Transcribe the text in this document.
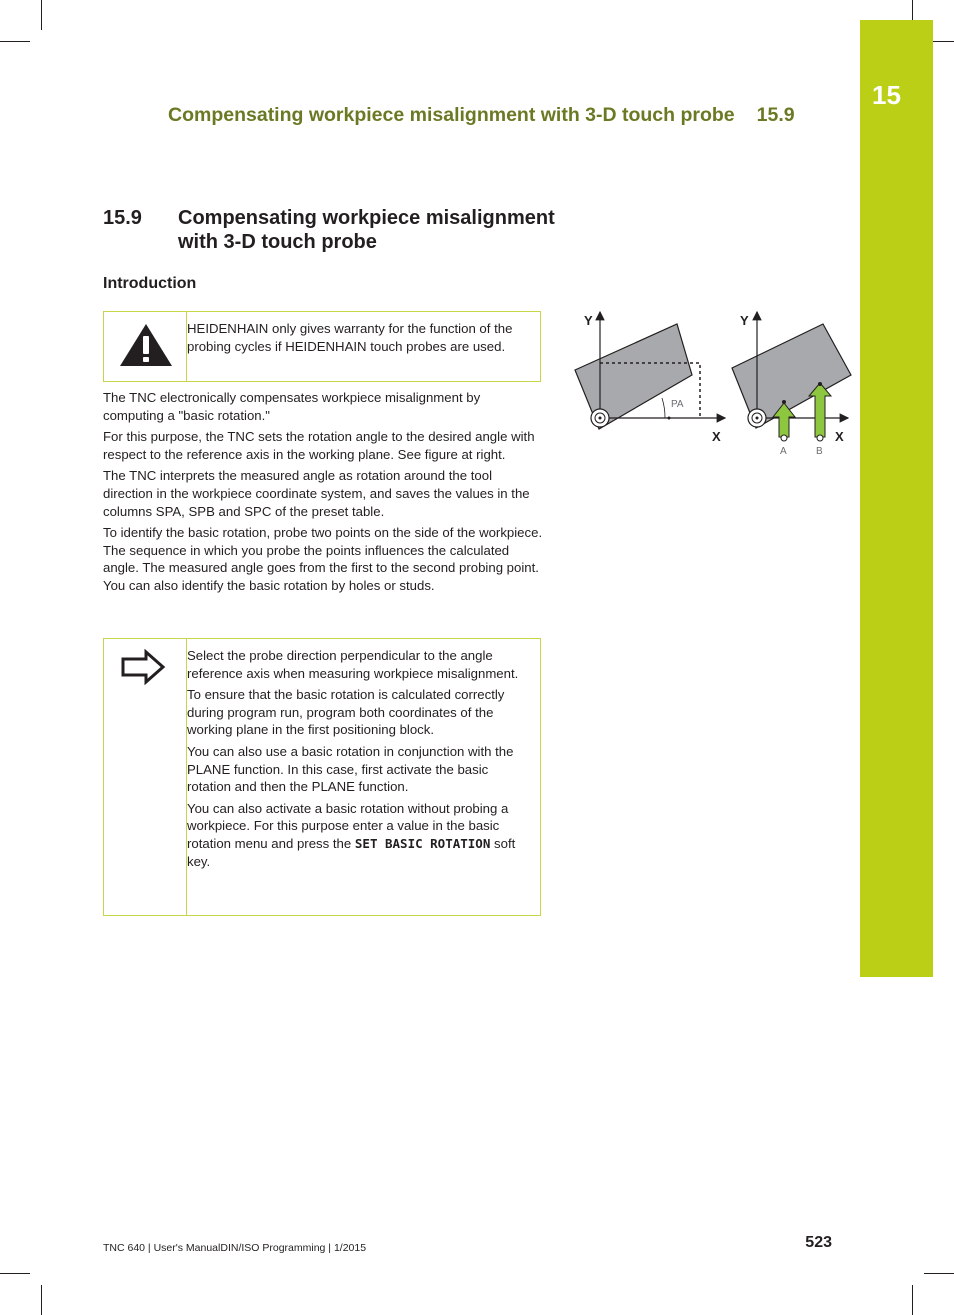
15
Compensating workpiece misalignment with 3-D touch probe 15.9
15.9 Compensating workpiece misalignment with 3-D touch probe
Introduction

HEIDENHAIN only gives warranty for the function of the probing cycles if HEIDENHAIN touch probes are used.

The TNC electronically compensates workpiece misalignment by computing a "basic rotation."

For this purpose, the TNC sets the rotation angle to the desired angle with respect to the reference axis in the working plane. See figure at right.

The TNC interprets the measured angle as rotation around the tool direction in the workpiece coordinate system, and saves the values in the columns SPA, SPB and SPC of the preset table.

To identify the basic rotation, probe two points on the side of the workpiece. The sequence in which you probe the points influences the calculated angle. The measured angle goes from the first to the second probing point. You can also identify the basic rotation by holes or studs.

Select the probe direction perpendicular to the angle reference axis when measuring workpiece misalignment.

To ensure that the basic rotation is calculated correctly during program run, program both coordinates of the working plane in the first positioning block.

You can also use a basic rotation in conjunction with the PLANE function. In this case, first activate the basic rotation and then the PLANE function.

You can also activate a basic rotation without probing a workpiece. For this purpose enter a value in the basic rotation menu and press the SET BASIC ROTATION soft key.

Y
X
PA
Y
X
A	B
TNC 640 | User's ManualDIN/ISO Programming | 1/2015	523
